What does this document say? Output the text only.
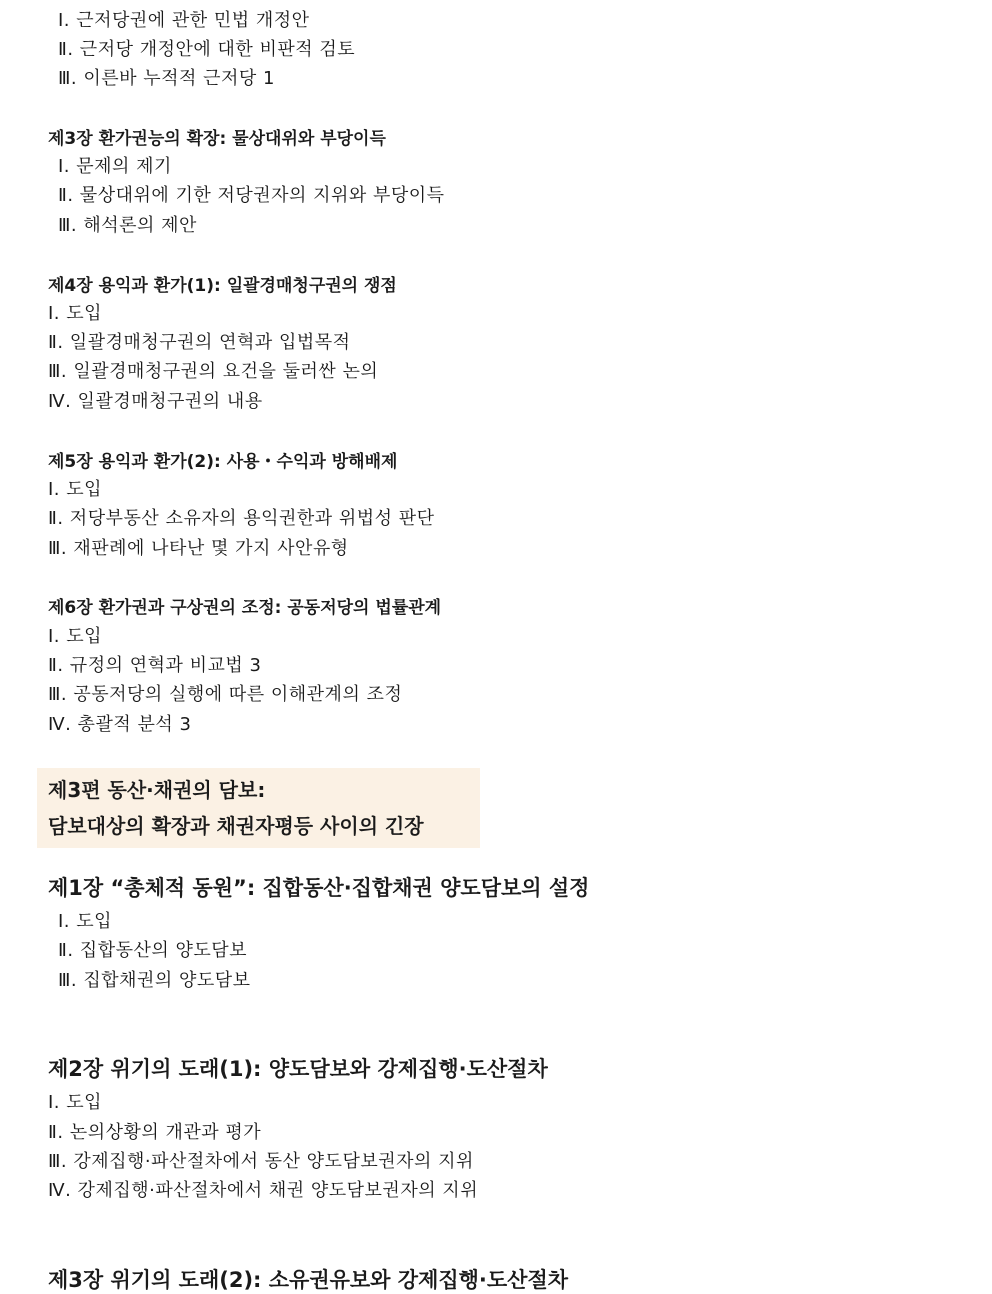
Ⅰ. 근저당권에 관한 민법 개정안
Ⅱ. 근저당 개정안에 대한 비판적 검토
Ⅲ. 이른바 누적적 근저당 1
제3장 환가권능의 확장: 물상대위와 부당이득
Ⅰ. 문제의 제기
Ⅱ. 물상대위에 기한 저당권자의 지위와 부당이득
Ⅲ. 해석론의 제안
제4장 용익과 환가(1): 일괄경매청구권의 쟁점
Ⅰ. 도입
Ⅱ. 일괄경매청구권의 연혁과 입법목적
Ⅲ. 일괄경매청구권의 요건을 둘러싼 논의
Ⅳ. 일괄경매청구권의 내용
제5장 용익과 환가(2): 사용・수익과 방해배제
Ⅰ. 도입
Ⅱ. 저당부동산 소유자의 용익권한과 위법성 판단
Ⅲ. 재판례에 나타난 몇 가지 사안유형
제6장 환가권과 구상권의 조정: 공동저당의 법률관계
Ⅰ. 도입
Ⅱ. 규정의 연혁과 비교법 3
Ⅲ. 공동저당의 실행에 따른 이해관계의 조정
Ⅳ. 총괄적 분석 3
제3편 동산·채권의 담보:
담보대상의 확장과 채권자평등 사이의 긴장
제1장 “총체적 동원”: 집합동산·집합채권 양도담보의 설정
Ⅰ. 도입
Ⅱ. 집합동산의 양도담보
Ⅲ. 집합채권의 양도담보
제2장 위기의 도래(1): 양도담보와 강제집행·도산절차
Ⅰ. 도입
Ⅱ. 논의상황의 개관과 평가
Ⅲ. 강제집행·파산절차에서 동산 양도담보권자의 지위
Ⅳ. 강제집행·파산절차에서 채권 양도담보권자의 지위
제3장 위기의 도래(2): 소유권유보와 강제집행·도산절차
